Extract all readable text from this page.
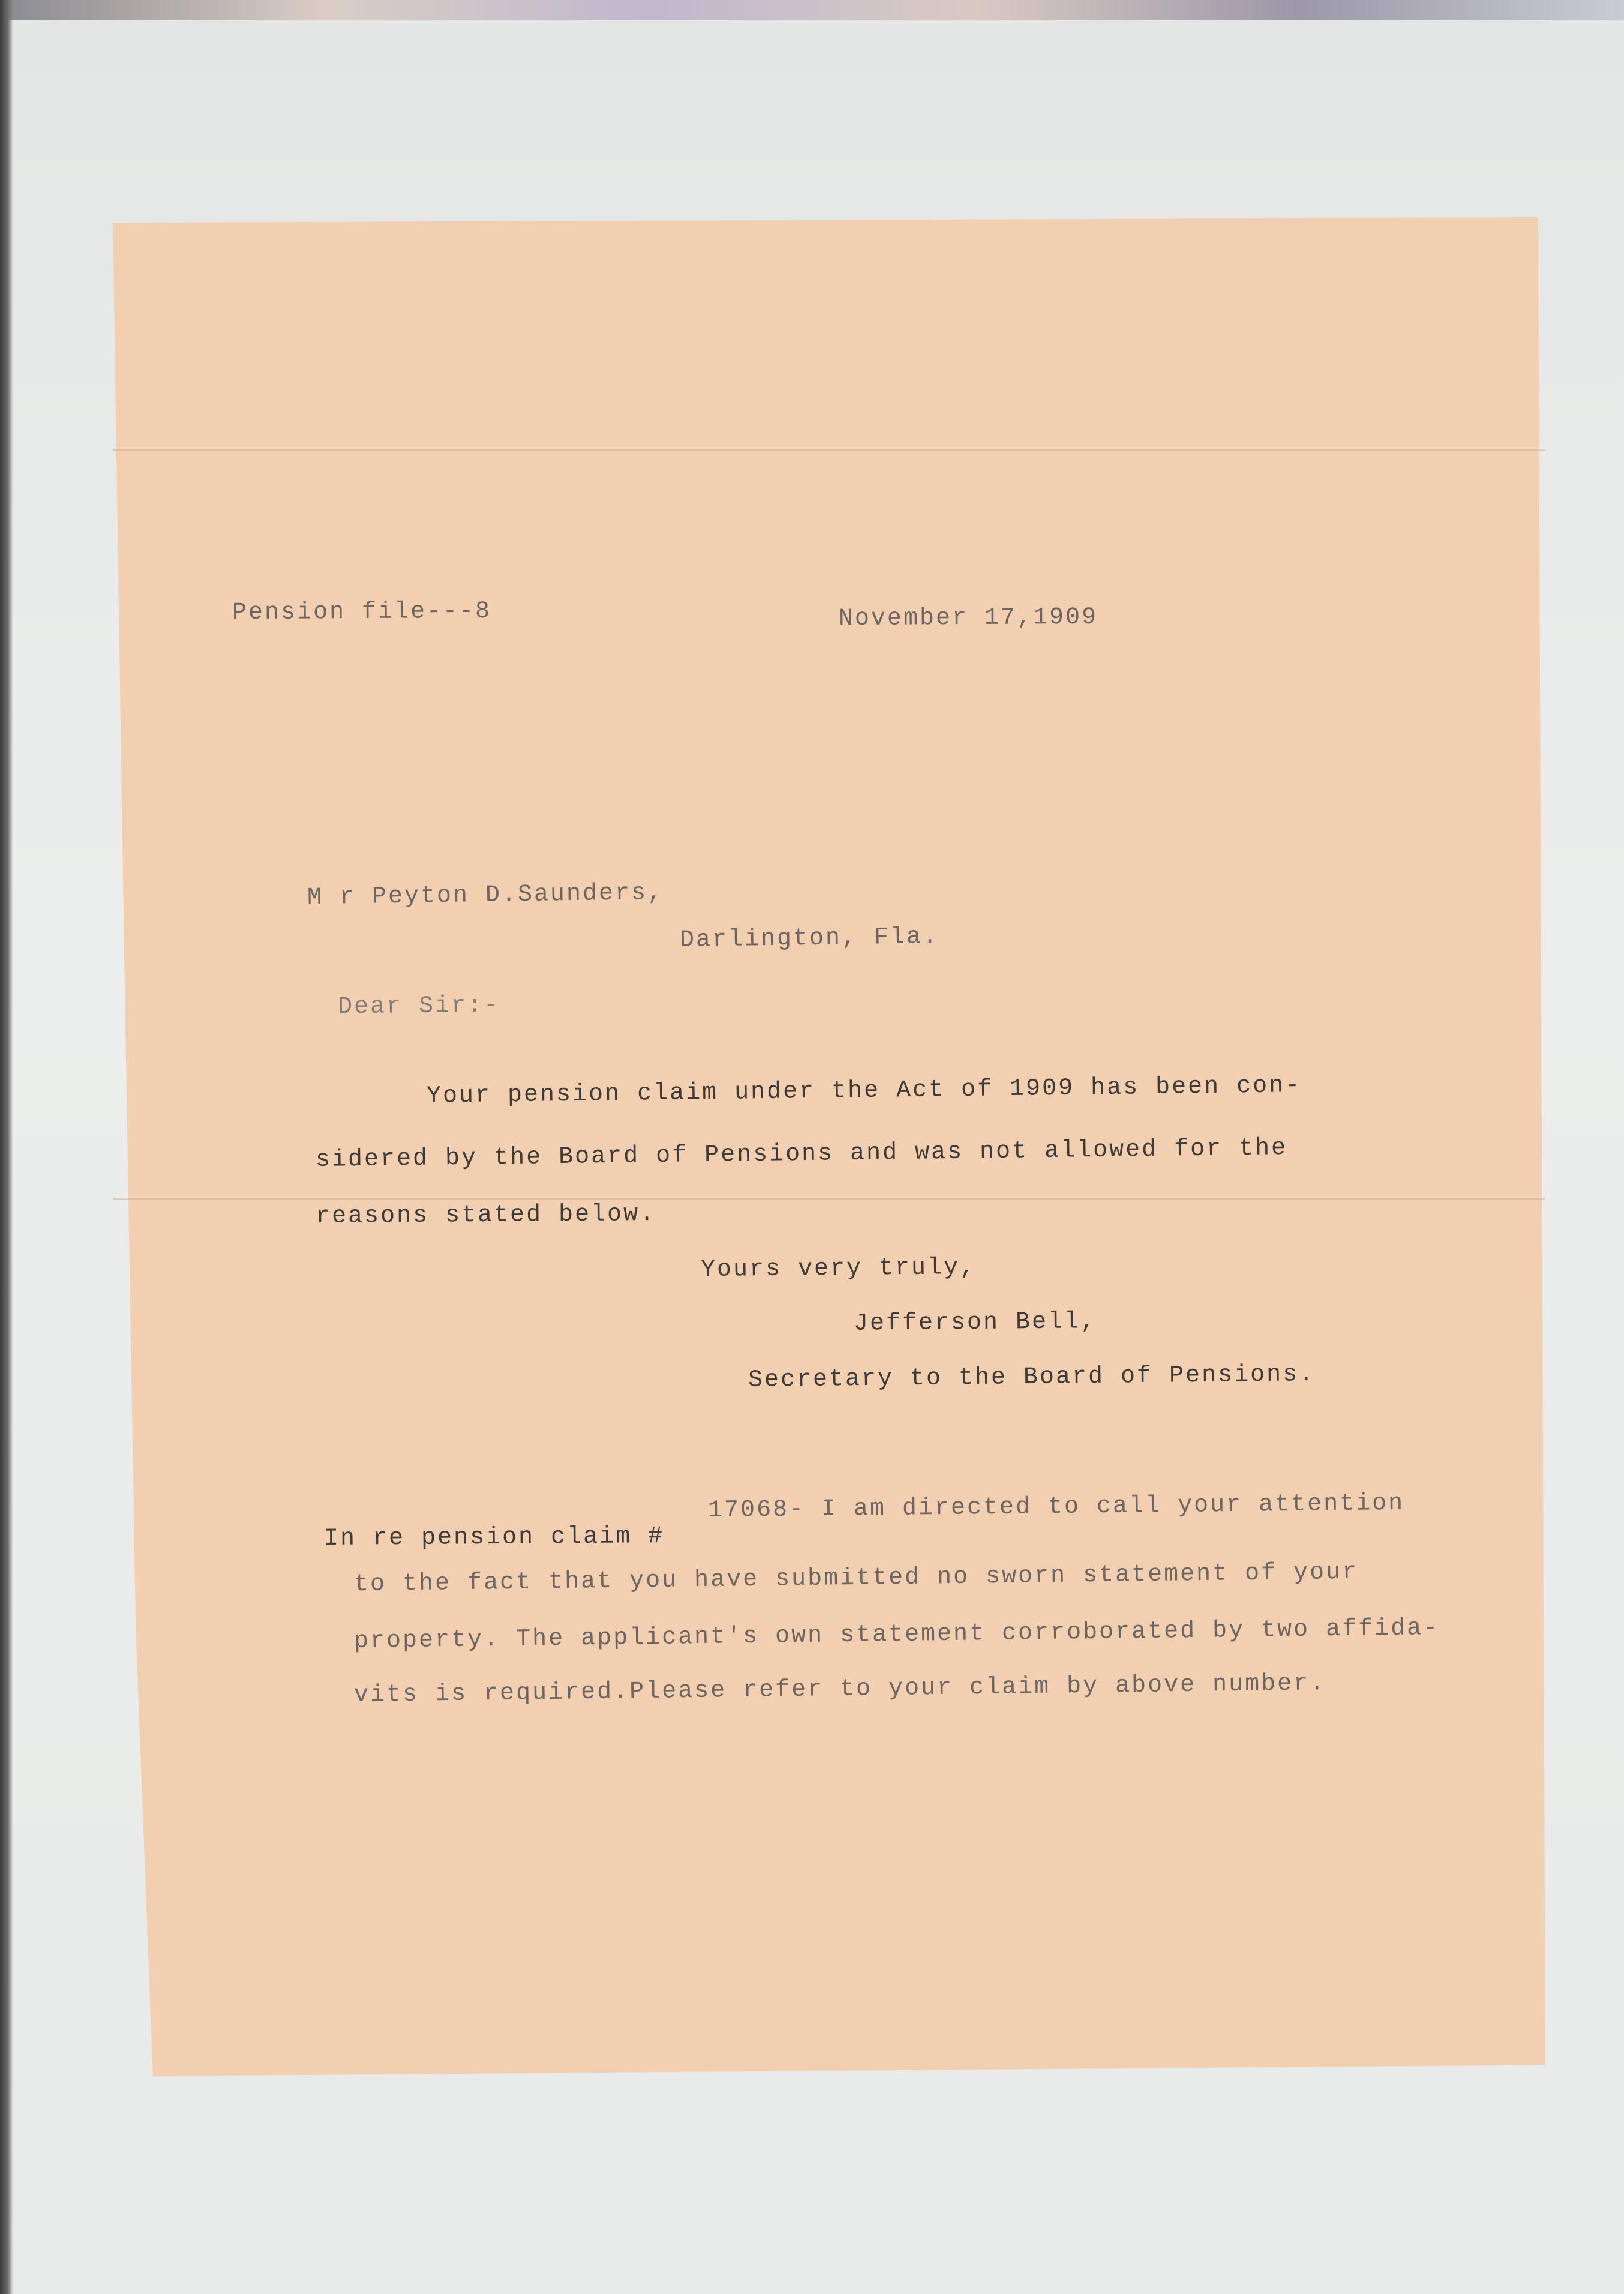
Pension file---8	November 17,1909
M r Peyton D.Saunders,
Darlington, Fla.
Dear Sir:-
Your pension claim under the Act of 1909 has been con-
sidered by the Board of Pensions and was not allowed for the
reasons stated below.
Yours very truly,
Jefferson Bell,
Secretary to the Board of Pensions.
In re pension claim #
17068- I am directed to call your attention
to the fact that you have submitted no sworn statement of your
property. The applicant's own statement corroborated by two affida-
vits is required.Please refer to your claim by above number.
